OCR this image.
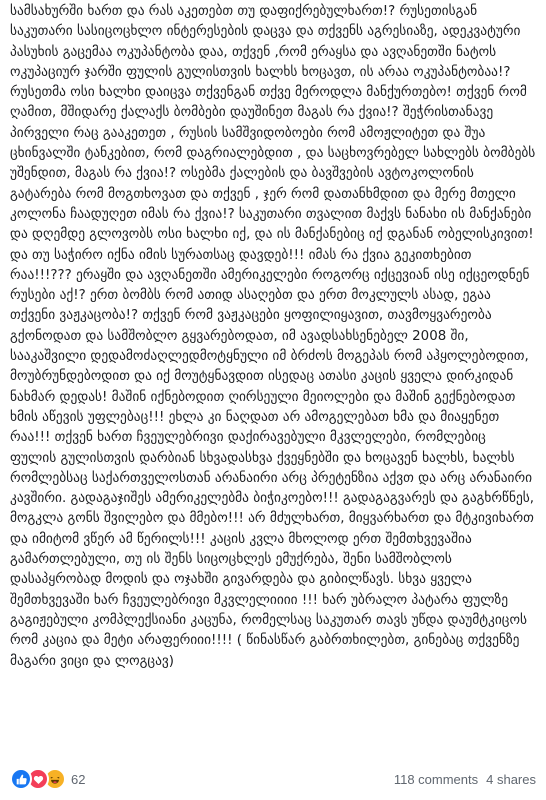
სამსახურში ხართ და რას აკეთებთ თუ დაფიქრებულხართ!? რუსეთისგან საკუთარი სასიცოცხლო ინტერესების დაცვა და თქვენს აგრესიაზე, ადეკვატური პასუხის გაცემაა ოკუპანტობა დაა, თქვენ ,რომ ერაყსა და ავღანეთში ნატოს ოკუპაციურ ჯარში ფულის გულისთვის ხალხს ხოცავთ, ის არაა ოკუპანტობაა!? რუსეთმა ოსი ხალხი დაიცვა თქვენგან თქვე მეროდლა მანქურთებო! თქვენ რომ ღამით, მშიდარე ქალაქს ბომბები დაუშინეთ მაგას რა ქვია!? შეჭრისთანავე პირველი რაც გააკეთეთ , რუსის სამშვიდობოები რომ ამოჟლიტეთ და შუა ცხინვალში ტანკებით, რომ დაგრიალებდით , და საცხოვრებელ სახლებს ბომბებს უშენდით, მაგას რა ქვია!? ოსებმა ქალების და ბავშვების ავტოკოლონის გატარება რომ მოგთხოვათ და თქვენ , ჯერ რომ დათანხმდით და მერე მთელი კოლონა ჩაადუღეთ იმას რა ქვია!? საკუთარი თვალით მაქვს ნანახი ის მანქანები და დღემდე გლოვობს ოსი ხალხი იქ, და ის მანქანებიც იქ დგანან ობელისკივით! და თუ საჭირო იქნა იმის სურათსაც დავდებ!!! იმას რა ქვია გეკითხებით რაა!!!??? ერაყში და ავღანეთში ამერიკელები როგორც იქცევიან ისე იქცეოდნენ რუსები აქ!? ერთ ბომბს რომ ათიდ ასაღებთ და ერთ მოკლულს ასად, ეგაა თქვენი ვაჟკაცობა!? თქვენ რომ ვაჟკაცები ყოფილიყავით, თავმოყვარეობა გქონოდათ და სამშობლო გყვარებოდათ, იმ ავადსახსენებელ 2008 ში, სააკაშვილი დედამოძაღლედმოტყნული იმ ბრძოს მოგეპას რომ აჰყოლებოდით, მოუბრუნდებოდით და იქ მოუტყნავდით ისედაც ათასი კაცის ყველა დირკიდან ნახმარ დედას! მაშინ იქნებოდით ღირსეული მეიოლები და მაშინ გექნებოდათ ხმის აწევის უფლებაც!!! ეხლა კი ნაღდათ არ ამოგელებათ ხმა და მიაყენეთ რაა!!! თქვენ ხართ ჩვეულებრივი დაქირავებული მკვლელები, რომლებიც ფულის გულისთვის დარბიან სხვადასხვა ქვეყნებში და ხოცავენ ხალხს, ხალხს რომლებსაც საქართველოსთან არანაირი არც პრეტენზია აქვთ და არც არანაირი კავშირი. გადაგაჯიშეს ამერიკელებმა ბიჭიკოებო!!! გადაგაგვარეს და გაგხრწნეს, მოგკლა გონს შვილებო და მმებო!!! არ მძულხართ, მიყვარხართ და მტკივიხართ და იმიტომ ვწერ ამ წერილს!!! კაცის კვლა მხოლოდ ერთ შემთხვევაშია გამართლებული, თუ ის შენს სიცოცხლეს ემუქრება, შენი სამშობლოს დასაპყრობად მოდის და ოჯახში გივარდება და გიბილწავს. სხვა ყველა შემთხვევაში ხარ ჩვეულებრივი მკვლელიიიი !!! ხარ უბრალო პატარა ფულზე გაგიჟებული კომპლექსიანი კაცუნა, რომელსაც საკუთარ თავს უწდა დაუმტკიცოს რომ კაცია და მეტი არაფერიიი!!!! ( წინასწარ გაბრთხილებთ, გინებაც თქვენზე მაგარი ვიცი და ლოგცავ)
62	118 comments 4 shares
